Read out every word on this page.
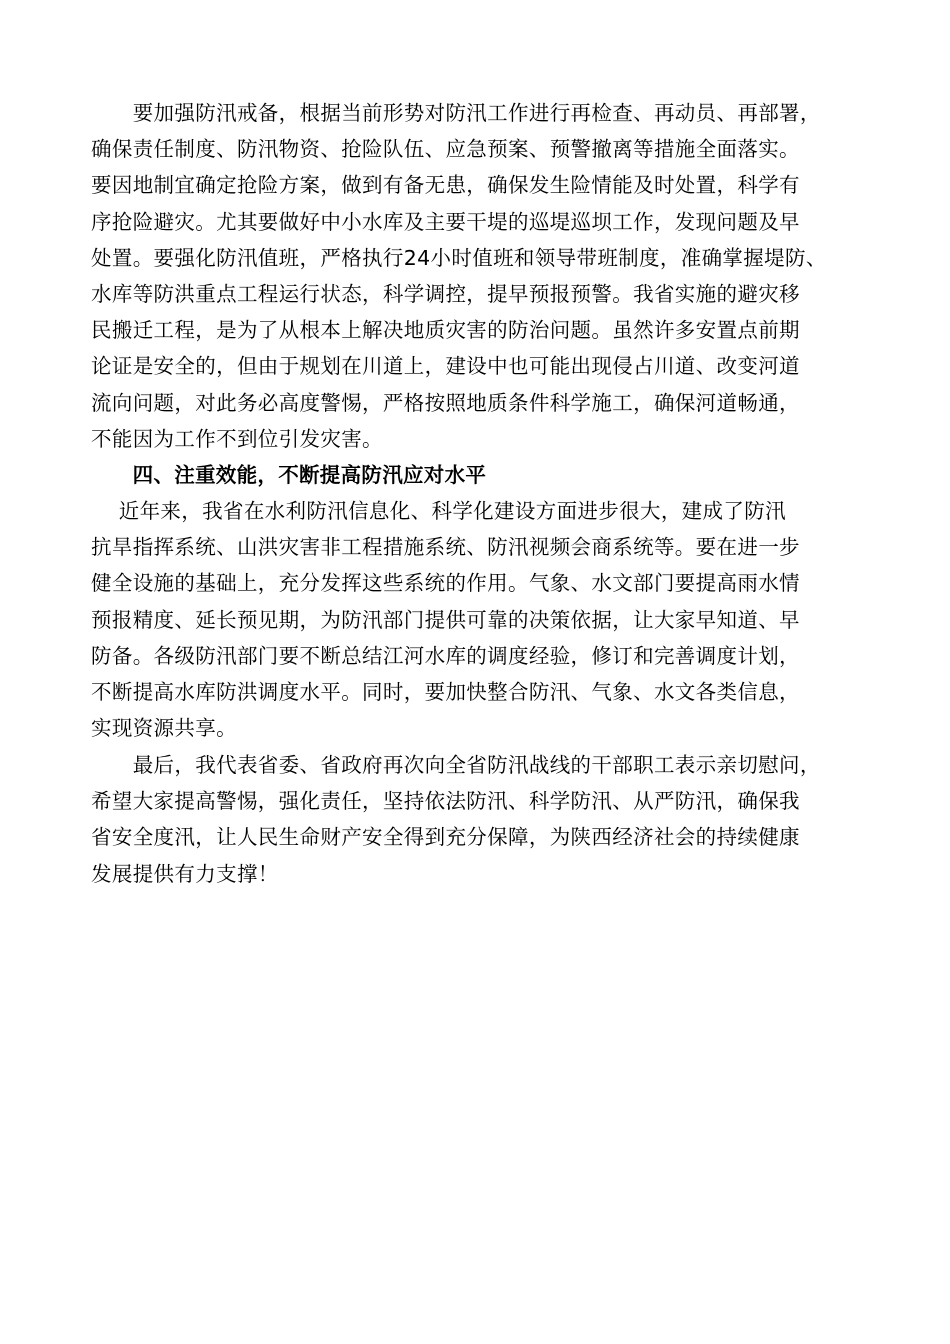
　　要加强防汛戒备，根据当前形势对防汛工作进行再检查、再动员、再部署，
确保责任制度、防汛物资、抢险队伍、应急预案、预警撤离等措施全面落实。
要因地制宜确定抢险方案，做到有备无患，确保发生险情能及时处置，科学有
序抢险避灾。尤其要做好中小水库及主要干堤的巡堤巡坝工作，发现问题及早
处置。要强化防汛值班，严格执行24小时值班和领导带班制度，准确掌握堤防、
水库等防洪重点工程运行状态，科学调控，提早预报预警。我省实施的避灾移
民搬迁工程，是为了从根本上解决地质灾害的防治问题。虽然许多安置点前期
论证是安全的，但由于规划在川道上，建设中也可能出现侵占川道、改变河道
流向问题，对此务必高度警惕，严格按照地质条件科学施工，确保河道畅通，
不能因为工作不到位引发灾害。
　　四、注重效能，不断提高防汛应对水平
　 近年来，我省在水利防汛信息化、科学化建设方面进步很大，建成了防汛
抗旱指挥系统、山洪灾害非工程措施系统、防汛视频会商系统等。要在进一步
健全设施的基础上，充分发挥这些系统的作用。气象、水文部门要提高雨水情
预报精度、延长预见期，为防汛部门提供可靠的决策依据，让大家早知道、早
防备。各级防汛部门要不断总结江河水库的调度经验，修订和完善调度计划，
不断提高水库防洪调度水平。同时，要加快整合防汛、气象、水文各类信息，
实现资源共享。
　　最后，我代表省委、省政府再次向全省防汛战线的干部职工表示亲切慰问，
希望大家提高警惕，强化责任，坚持依法防汛、科学防汛、从严防汛，确保我
省安全度汛，让人民生命财产安全得到充分保障，为陕西经济社会的持续健康
发展提供有力支撑！
